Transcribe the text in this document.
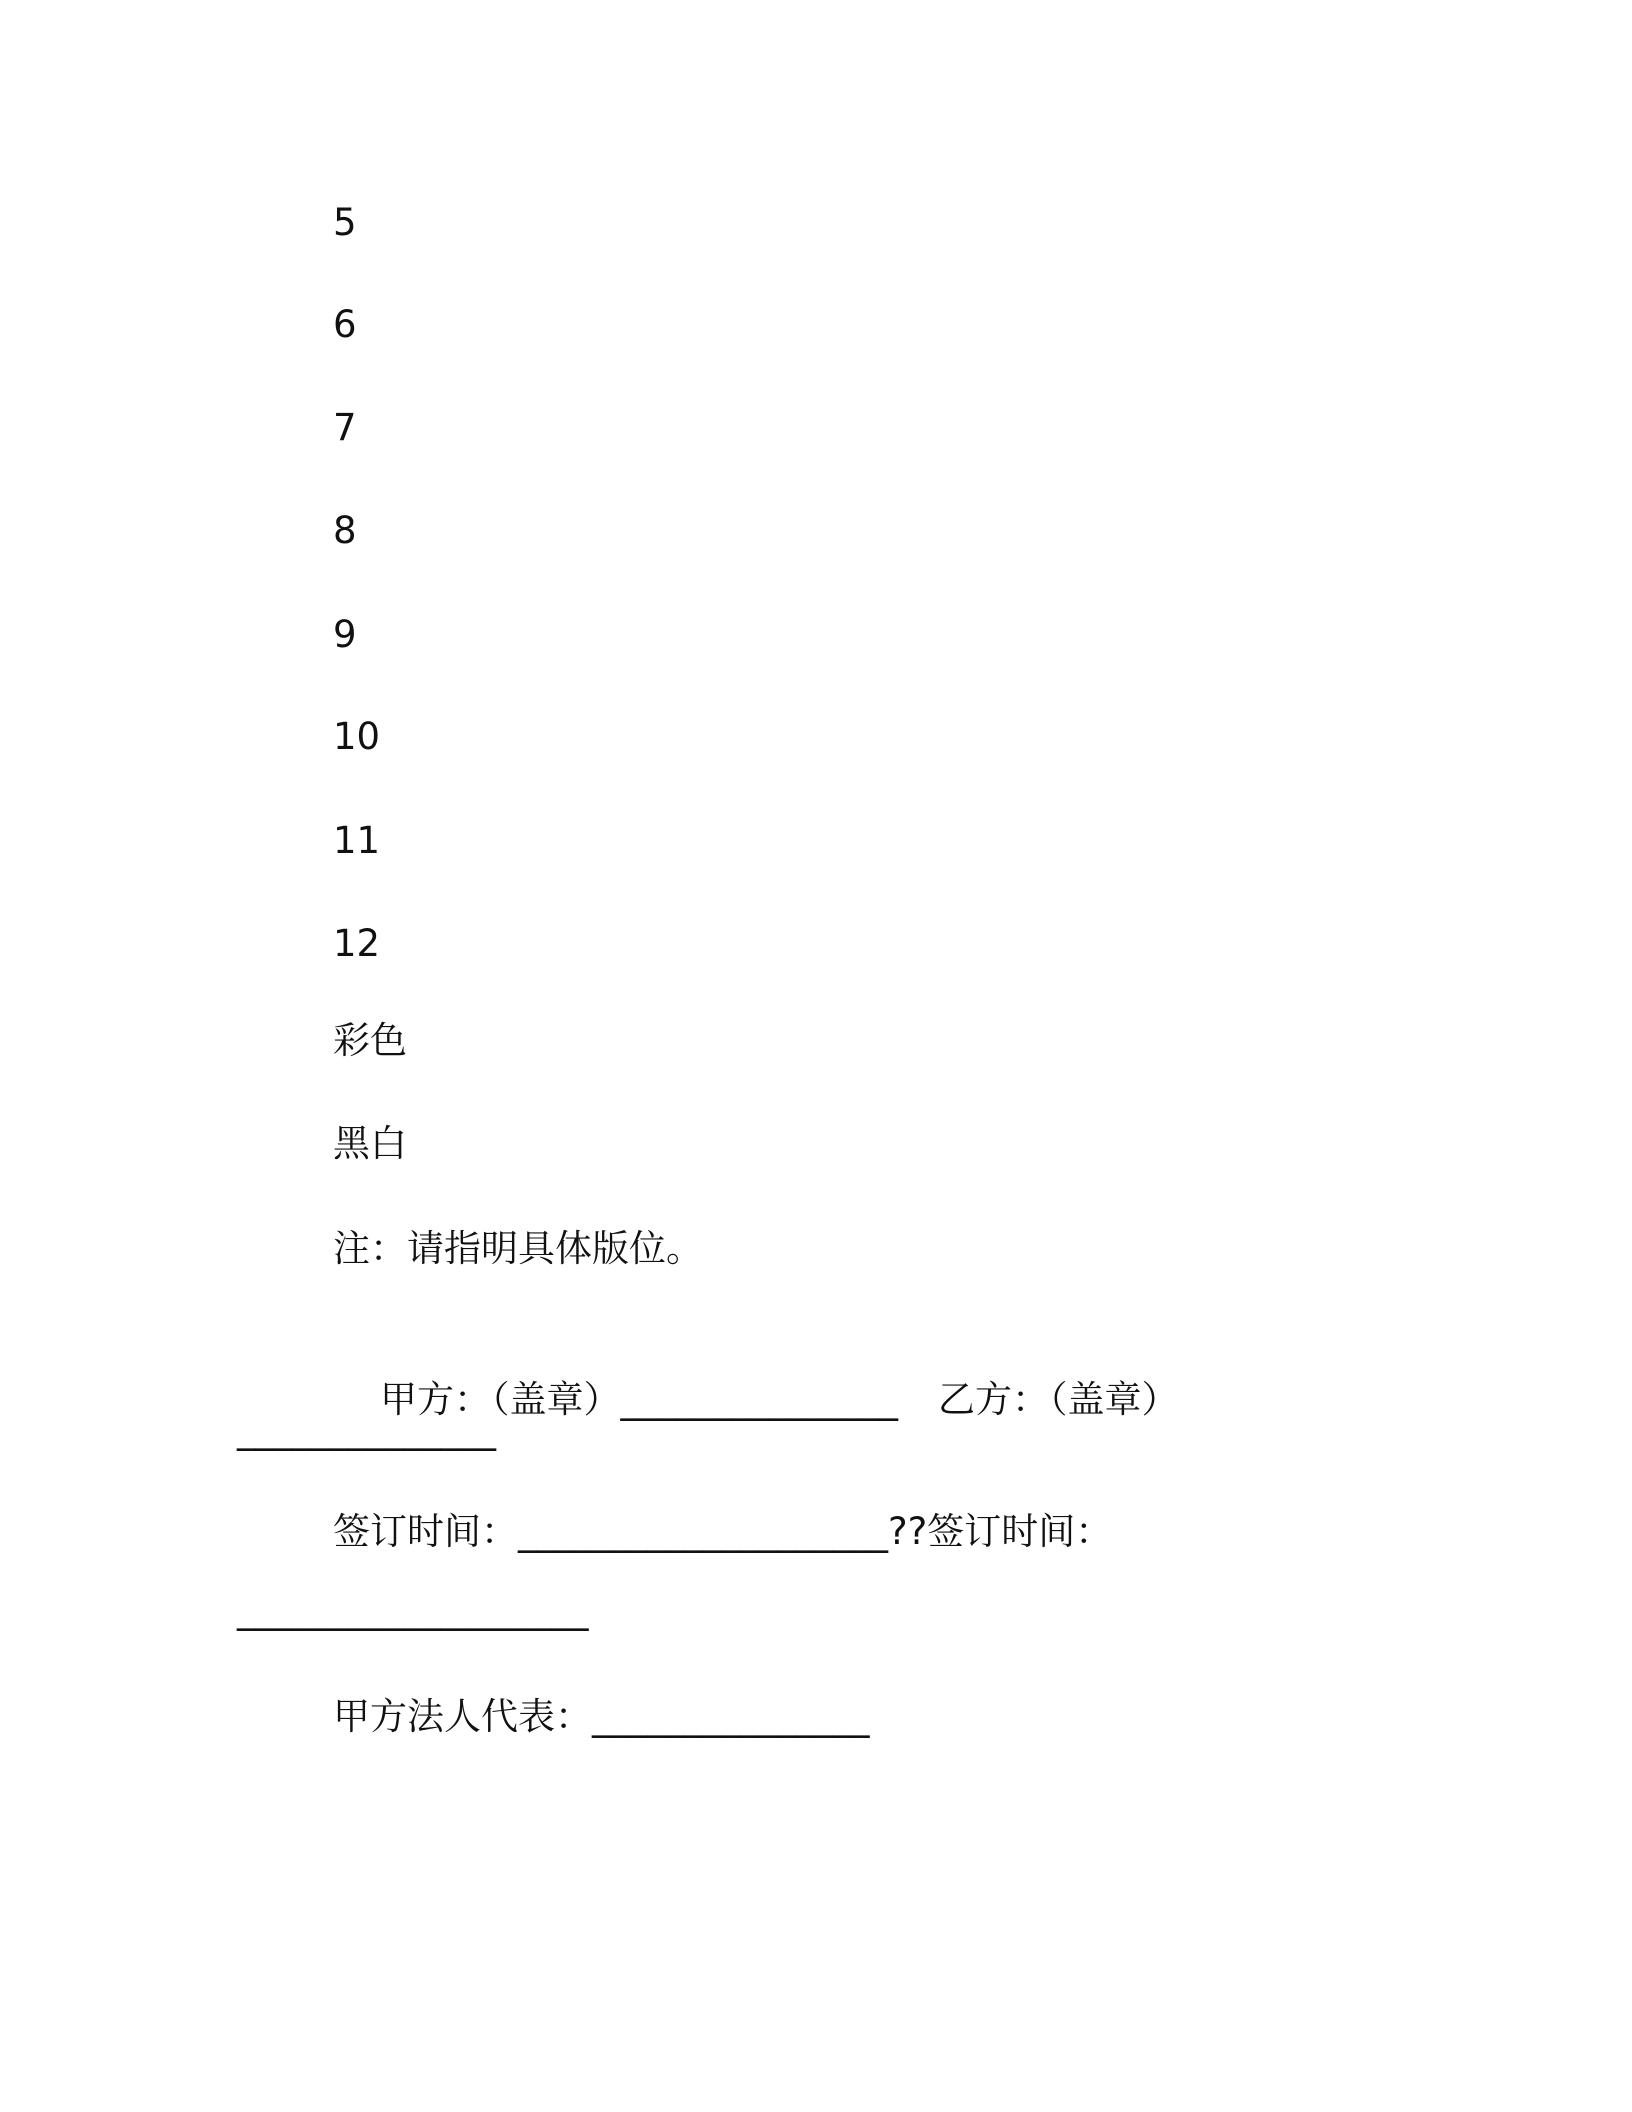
5
6
7
8
9
10
11
12
彩色
黑白
注：请指明具体版位。

甲方：（盖章）_______________ 乙方：（盖章）

______________
签订时间：____________________??签订时间：
___________________
甲方法人代表：_______________
